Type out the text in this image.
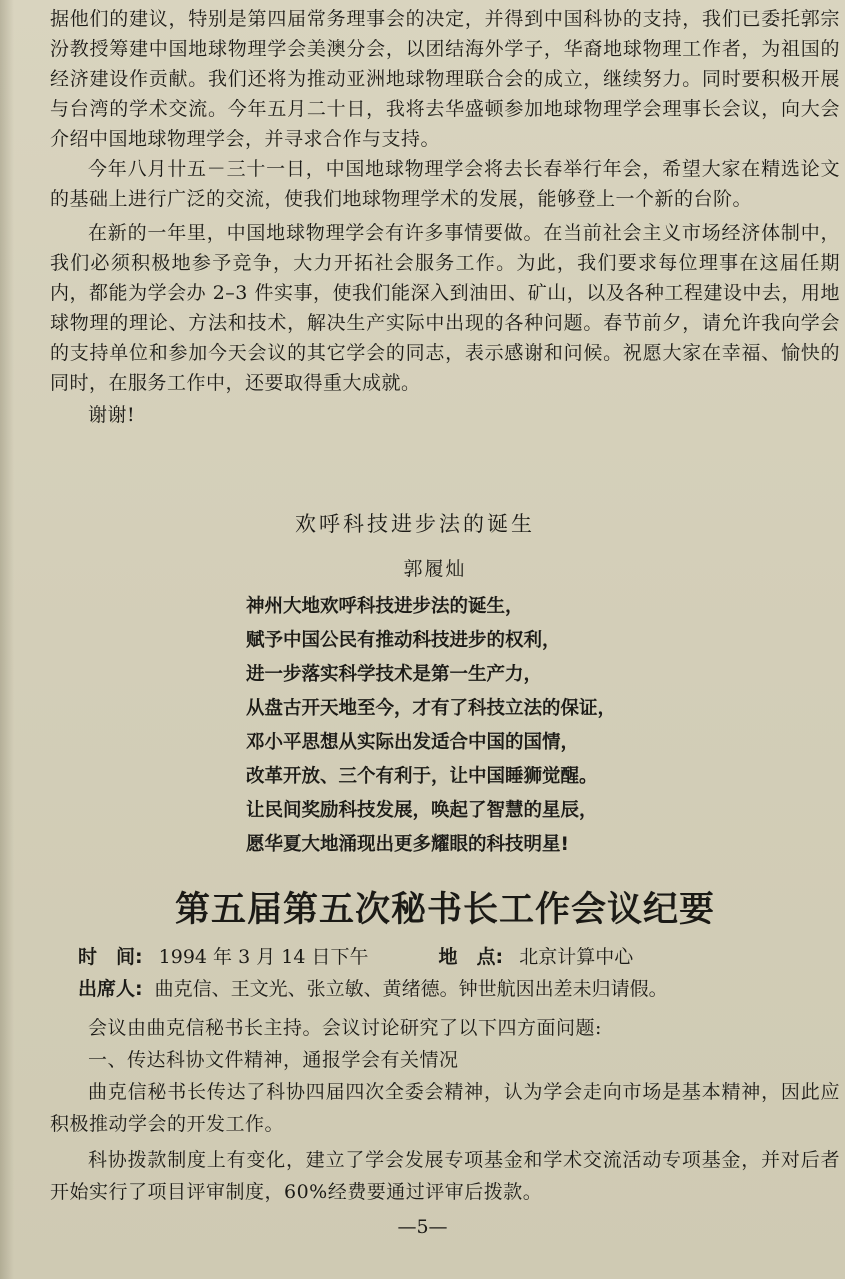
据他们的建议，特别是第四届常务理事会的决定，并得到中国科协的支持，我们已委托郭宗汾教授筹建中国地球物理学会美澳分会，以团结海外学子，华裔地球物理工作者，为祖国的经济建设作贡献。我们还将为推动亚洲地球物理联合会的成立，继续努力。同时要积极开展与台湾的学术交流。今年五月二十日，我将去华盛顿参加地球物理学会理事长会议，向大会介绍中国地球物理学会，并寻求合作与支持。

今年八月卄五－三十一日，中国地球物理学会将去长春举行年会，希望大家在精选论文的基础上进行广泛的交流，使我们地球物理学术的发展，能够登上一个新的台阶。

在新的一年里，中国地球物理学会有许多事情要做。在当前社会主义市场经济体制中，我们必须积极地参予竞争，大力开拓社会服务工作。为此，我们要求每位理事在这届任期内，都能为学会办 2–3 件实事，使我们能深入到油田、矿山，以及各种工程建设中去，用地球物理的理论、方法和技术，解决生产实际中出现的各种问题。春节前夕，请允许我向学会的支持单位和参加今天会议的其它学会的同志，表示感谢和问候。祝愿大家在幸福、愉快的同时，在服务工作中，还要取得重大成就。

谢谢!

欢呼科技进步法的诞生
郭履灿
神州大地欢呼科技进步法的诞生，
赋予中国公民有推动科技进步的权利，
进一步落实科学技术是第一生产力，
从盘古开天地至今，才有了科技立法的保证，
邓小平思想从实际出发适合中国的国情，
改革开放、三个有利于，让中国睡狮觉醒。
让民间奖励科技发展，唤起了智慧的星辰，
愿华夏大地涌现出更多耀眼的科技明星!
第五届第五次秘书长工作会议纪要
时　间: 1994 年 3 月 14 日下午	地　点: 北京计算中心
出席人: 曲克信、王文光、张立敏、黄绪德。钟世航因出差未归请假。

会议由曲克信秘书长主持。会议讨论研究了以下四方面问题:

一、传达科协文件精神，通报学会有关情况

曲克信秘书长传达了科协四届四次全委会精神，认为学会走向市场是基本精神，因此应积极推动学会的开发工作。

科协拨款制度上有变化，建立了学会发展专项基金和学术交流活动专项基金，并对后者开始实行了项目评审制度，60%经费要通过评审后拨款。

—5—
